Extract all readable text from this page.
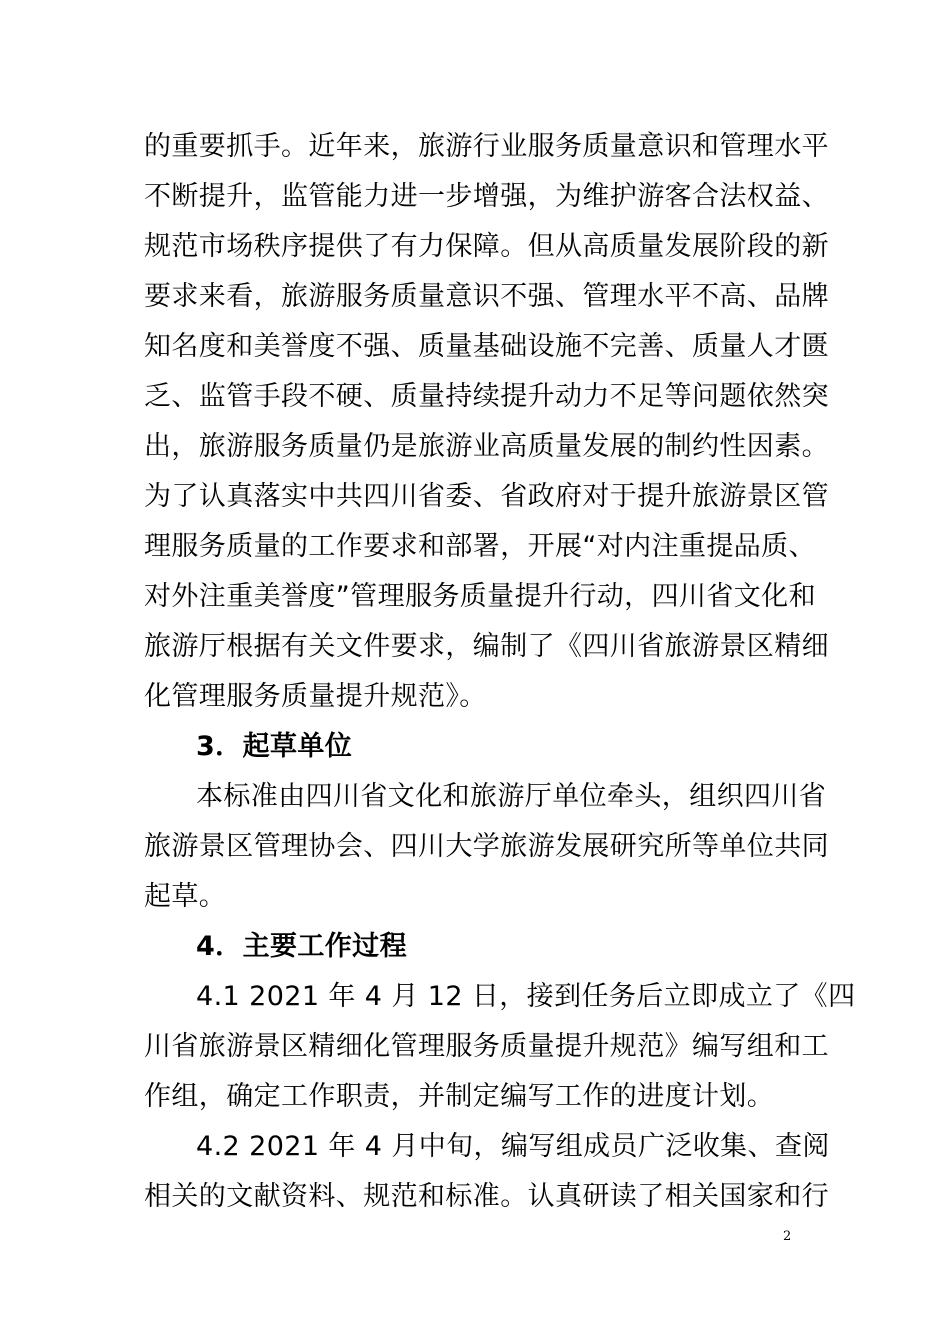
的重要抓手。近年来，旅游行业服务质量意识和管理水平
不断提升，监管能力进一步增强，为维护游客合法权益、
规范市场秩序提供了有力保障。但从高质量发展阶段的新
要求来看，旅游服务质量意识不强、管理水平不高、品牌
知名度和美誉度不强、质量基础设施不完善、质量人才匮
乏、监管手段不硬、质量持续提升动力不足等问题依然突
出，旅游服务质量仍是旅游业高质量发展的制约性因素。
为了认真落实中共四川省委、省政府对于提升旅游景区管
理服务质量的工作要求和部署，开展“对内注重提品质、
对外注重美誉度”管理服务质量提升行动，四川省文化和
旅游厅根据有关文件要求，编制了《四川省旅游景区精细
化管理服务质量提升规范》。
3．起草单位
本标准由四川省文化和旅游厅单位牵头，组织四川省
旅游景区管理协会、四川大学旅游发展研究所等单位共同
起草。
4．主要工作过程
4.1 2021 年 4 月 12 日，接到任务后立即成立了《四
川省旅游景区精细化管理服务质量提升规范》编写组和工
作组，确定工作职责，并制定编写工作的进度计划。
4.2 2021 年 4 月中旬，编写组成员广泛收集、查阅
相关的文献资料、规范和标准。认真研读了相关国家和行
2
